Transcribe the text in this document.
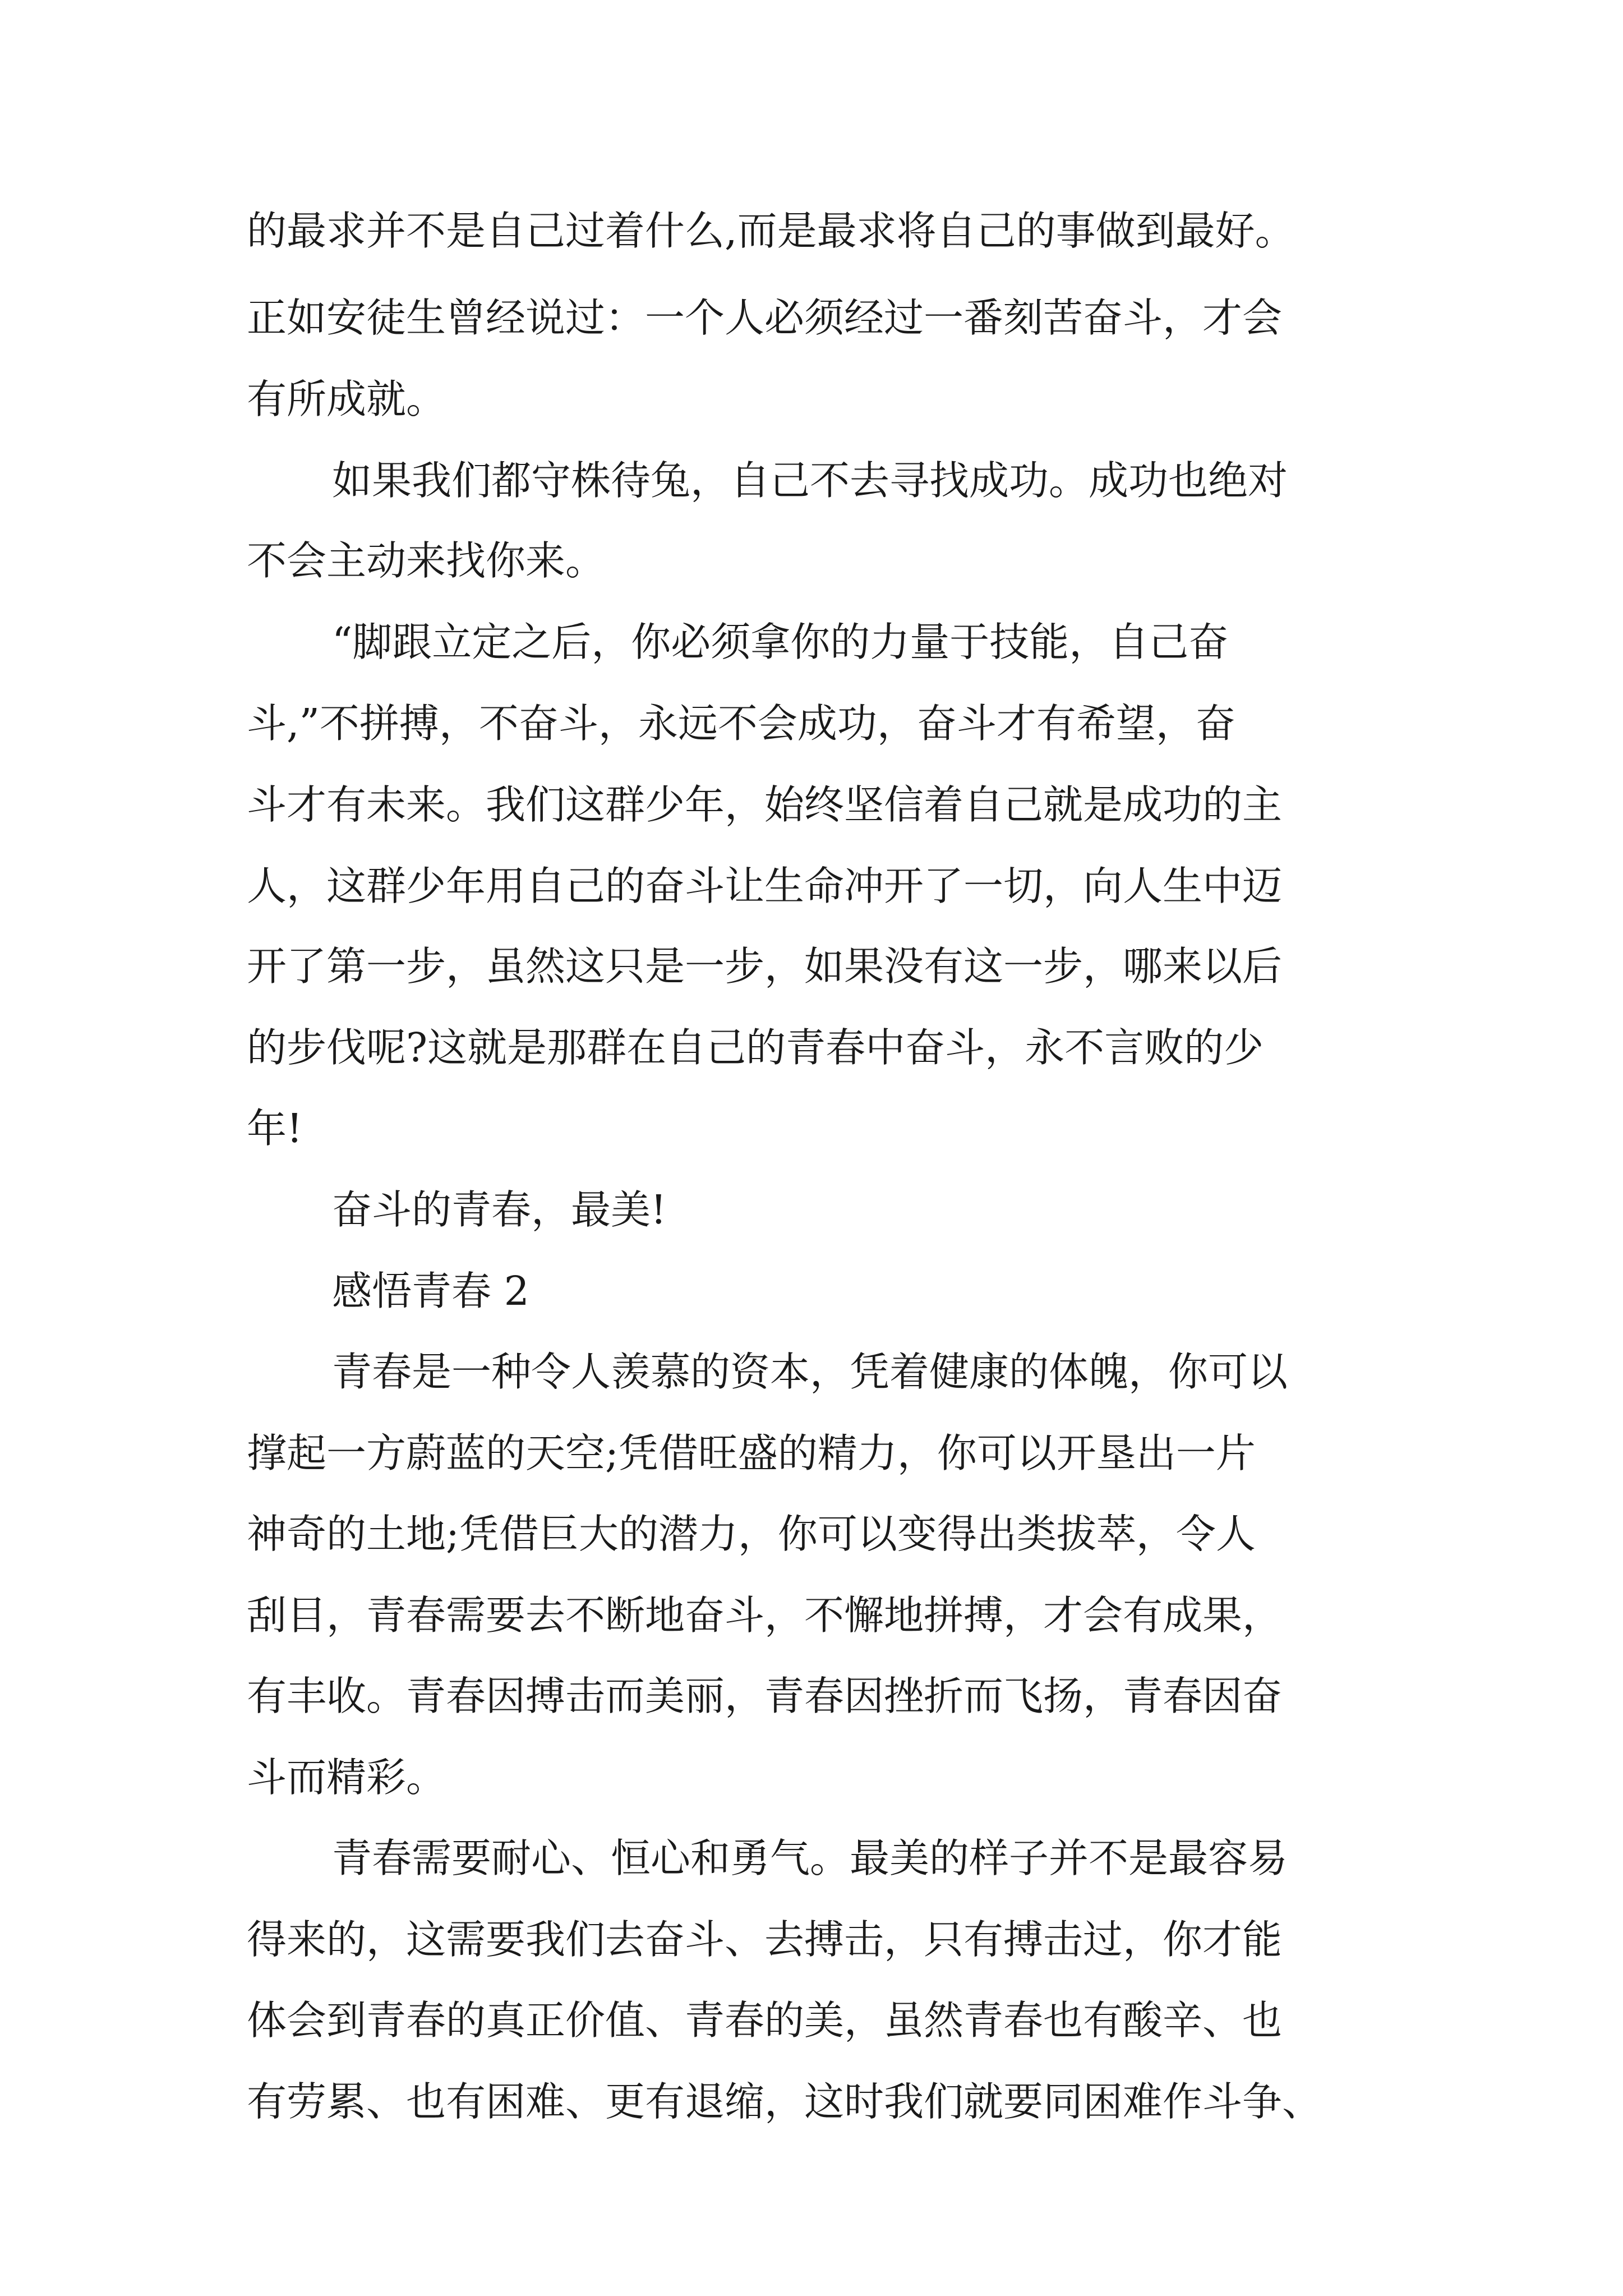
的最求并不是自己过着什么,而是最求将自己的事做到最好。
正如安徒生曾经说过：一个人必须经过一番刻苦奋斗，才会
有所成就。
如果我们都守株待兔，自己不去寻找成功。成功也绝对
不会主动来找你来。
“脚跟立定之后，你必须拿你的力量于技能，自己奋
斗,”不拼搏，不奋斗，永远不会成功，奋斗才有希望，奋
斗才有未来。我们这群少年，始终坚信着自己就是成功的主
人，这群少年用自己的奋斗让生命冲开了一切，向人生中迈
开了第一步，虽然这只是一步，如果没有这一步，哪来以后
的步伐呢?这就是那群在自己的青春中奋斗，永不言败的少
年!
奋斗的青春，最美!
感悟青春 2
青春是一种令人羡慕的资本，凭着健康的体魄，你可以
撑起一方蔚蓝的天空;凭借旺盛的精力，你可以开垦出一片
神奇的土地;凭借巨大的潜力，你可以变得出类拔萃，令人
刮目，青春需要去不断地奋斗，不懈地拼搏，才会有成果，
有丰收。青春因搏击而美丽，青春因挫折而飞扬，青春因奋
斗而精彩。
青春需要耐心、恒心和勇气。最美的样子并不是最容易
得来的，这需要我们去奋斗、去搏击，只有搏击过，你才能
体会到青春的真正价值、青春的美，虽然青春也有酸辛、也
有劳累、也有困难、更有退缩，这时我们就要同困难作斗争、
